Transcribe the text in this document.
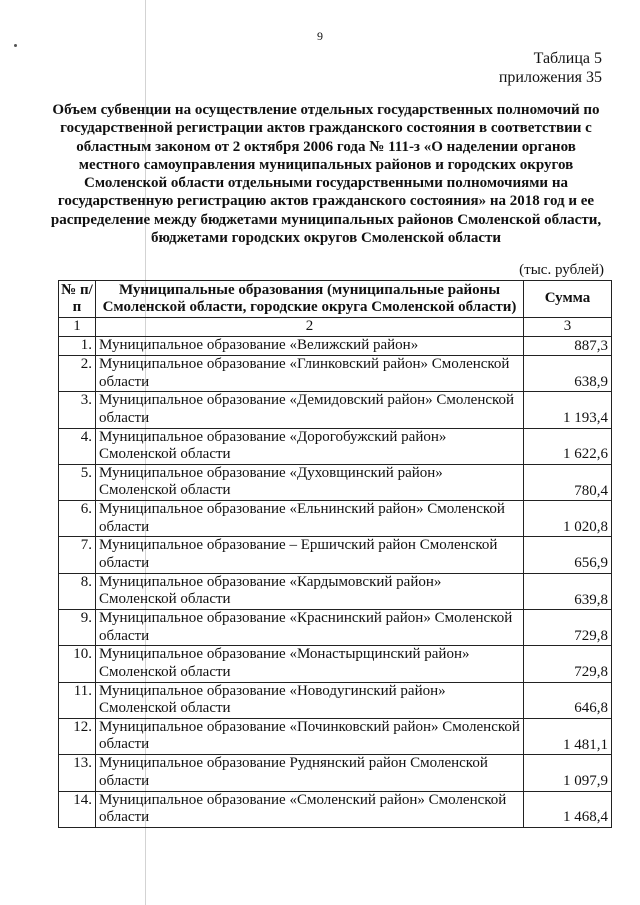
9
Таблица 5
приложения 35
Объем субвенции на осуществление отдельных государственных полномочий по государственной регистрации актов гражданского состояния в соответствии с областным законом от 2 октября 2006 года № 111-з «О наделении органов местного самоуправления муниципальных районов и городских округов Смоленской области отдельными государственными полномочиями на государственную регистрацию актов гражданского состояния» на 2018 год и ее распределение между бюджетами муниципальных районов Смоленской области, бюджетами городских округов Смоленской области
(тыс. рублей)
№ п/п	Муниципальные образования (муниципальные районы Смоленской области, городские округа Смоленской области)	Сумма
1	2	3
1.	Муниципальное образование «Велижский район»	887,3
2.	Муниципальное образование «Глинковский район» Смоленской области	638,9
3.	Муниципальное образование «Демидовский район» Смоленской области	1 193,4
4.	Муниципальное образование «Дорогобужский район» Смоленской области	1 622,6
5.	Муниципальное образование «Духовщинский район» Смоленской области	780,4
6.	Муниципальное образование «Ельнинский район» Смоленской области	1 020,8
7.	Муниципальное образование – Ершичский район Смоленской области	656,9
8.	Муниципальное образование «Кардымовский район» Смоленской области	639,8
9.	Муниципальное образование «Краснинский район» Смоленской области	729,8
10.	Муниципальное образование «Монастырщинский район» Смоленской области	729,8
11.	Муниципальное образование «Новодугинский район» Смоленской области	646,8
12.	Муниципальное образование «Починковский район» Смоленской области	1 481,1
13.	Муниципальное образование Руднянский район Смоленской области	1 097,9
14.	Муниципальное образование «Смоленский район» Смоленской области	1 468,4
